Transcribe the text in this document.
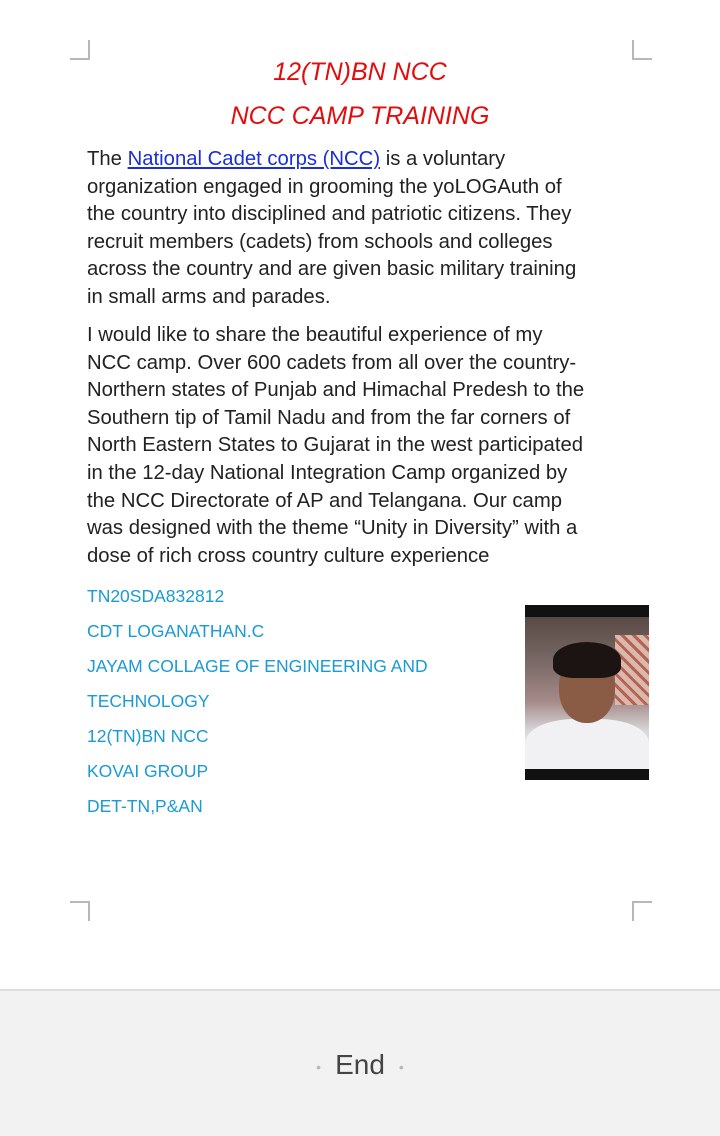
12(TN)BN NCC
NCC CAMP TRAINING
The National Cadet corps (NCC) is a voluntary
organization engaged in grooming the yoLOGAuth of
the country into disciplined and patriotic citizens. They
recruit members (cadets) from schools and colleges
across the country and are given basic military training
in small arms and parades.
I would like to share the beautiful experience of my
NCC camp. Over 600 cadets from all over the country-
Northern states of Punjab and Himachal Predesh to the
Southern tip of Tamil Nadu and from the far corners of
North Eastern States to Gujarat in the west participated
in the 12-day National Integration Camp organized by
the NCC Directorate of AP and Telangana. Our camp
was designed with the theme “Unity in Diversity” with a
dose of rich cross country culture experience
TN20SDA832812
CDT LOGANATHAN.C
JAYAM COLLAGE OF ENGINEERING AND
TECHNOLOGY
12(TN)BN NCC
KOVAI GROUP
DET-TN,P&AN
• End •
